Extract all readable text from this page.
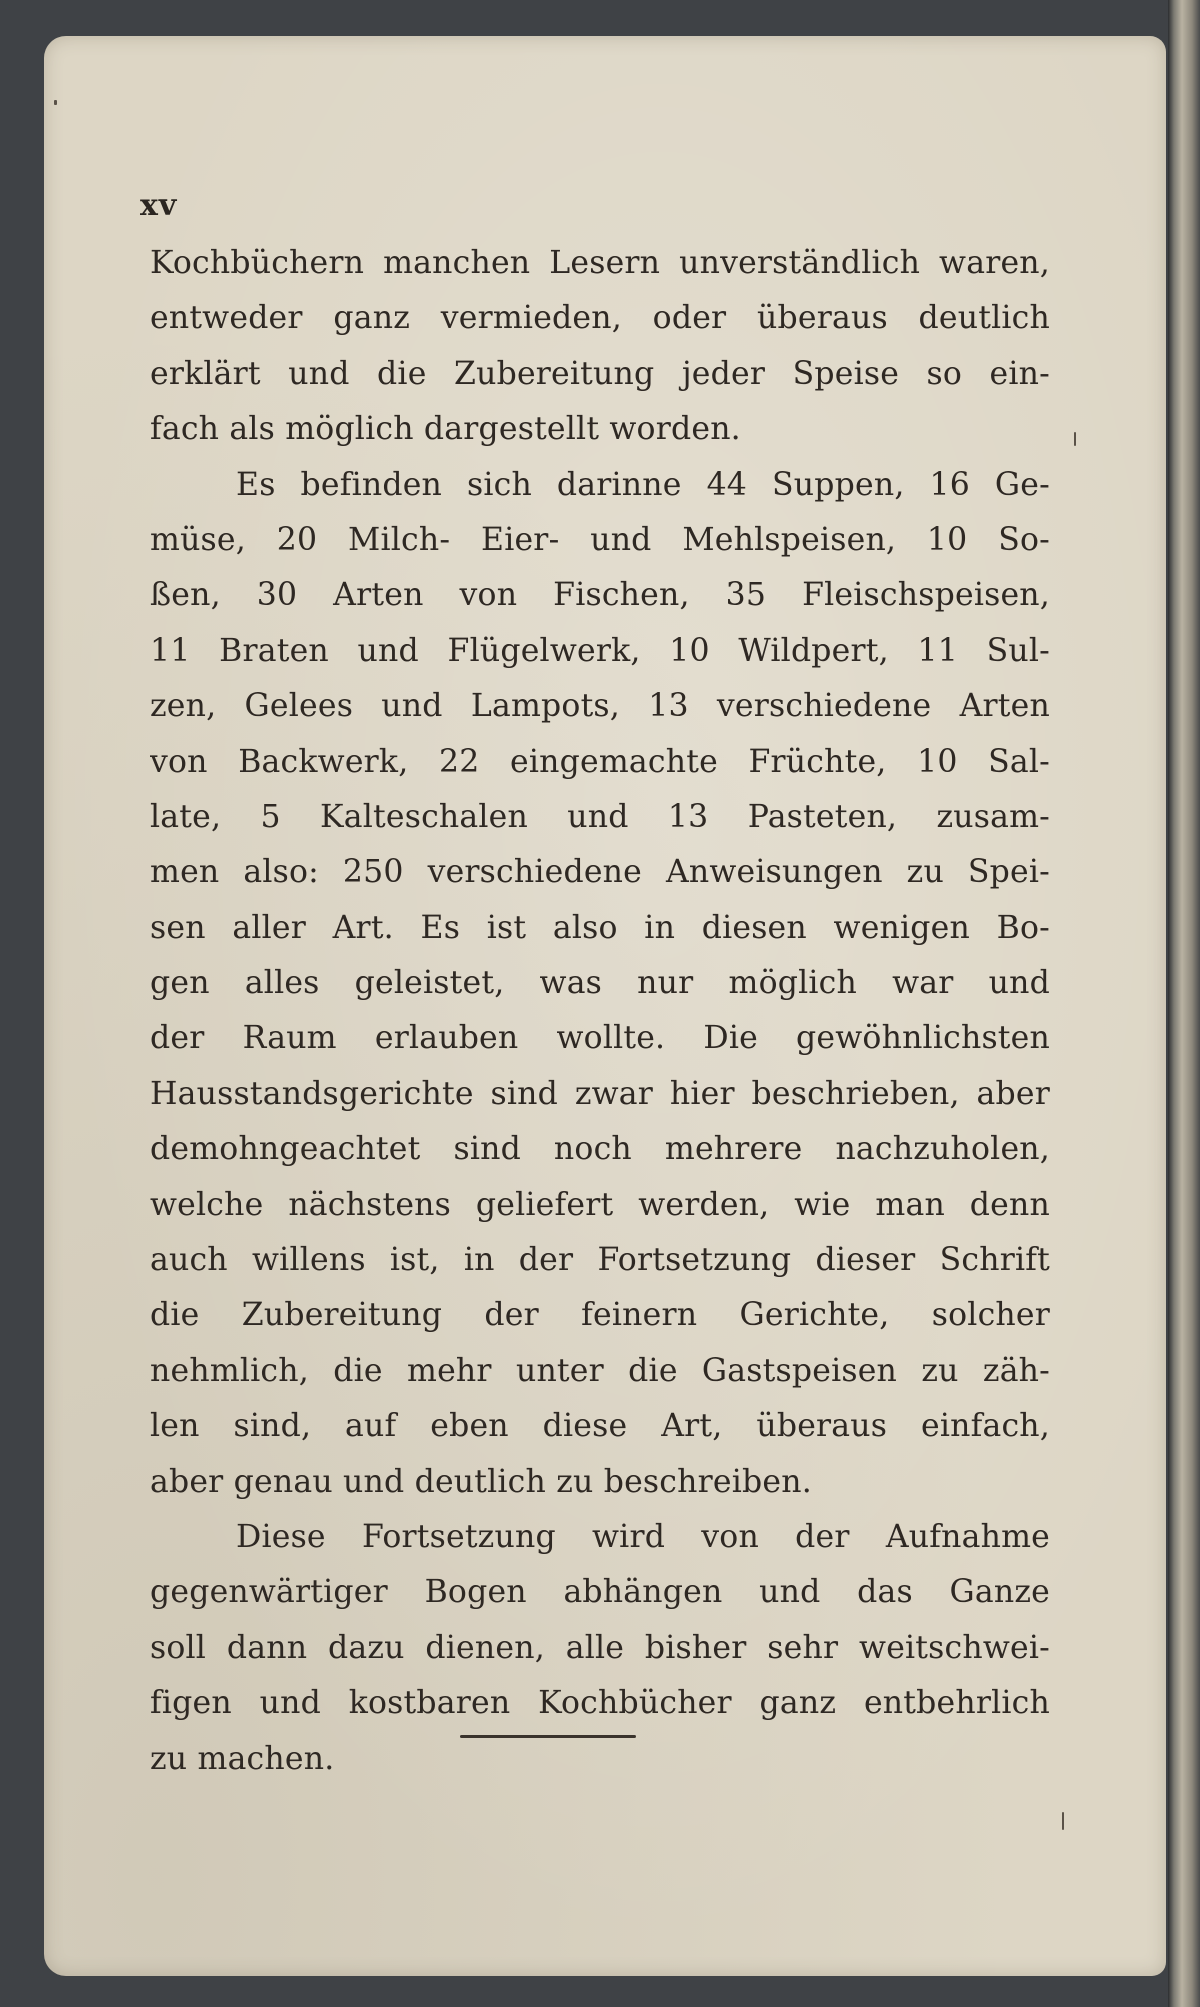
xv
Kochbüchern manchen Lesern unverständlich waren,
entweder ganz vermieden, oder überaus deutlich
erklärt und die Zubereitung jeder Speise so ein-
fach als möglich dargestellt worden.
Es befinden sich darinne 44 Suppen, 16 Ge-
müse, 20 Milch- Eier- und Mehlspeisen, 10 So-
ßen, 30 Arten von Fischen, 35 Fleischspeisen,
11 Braten und Flügelwerk, 10 Wildpert, 11 Sul-
zen, Gelees und Lampots, 13 verschiedene Arten
von Backwerk, 22 eingemachte Früchte, 10 Sal-
late, 5 Kalteschalen und 13 Pasteten, zusam-
men also: 250 verschiedene Anweisungen zu Spei-
sen aller Art. Es ist also in diesen wenigen Bo-
gen alles geleistet, was nur möglich war und
der Raum erlauben wollte. Die gewöhnlichsten
Hausstandsgerichte sind zwar hier beschrieben, aber
demohngeachtet sind noch mehrere nachzuholen,
welche nächstens geliefert werden, wie man denn
auch willens ist, in der Fortsetzung dieser Schrift
die Zubereitung der feinern Gerichte, solcher
nehmlich, die mehr unter die Gastspeisen zu zäh-
len sind, auf eben diese Art, überaus einfach,
aber genau und deutlich zu beschreiben.
Diese Fortsetzung wird von der Aufnahme
gegenwärtiger Bogen abhängen und das Ganze
soll dann dazu dienen, alle bisher sehr weitschwei-
figen und kostbaren Kochbücher ganz entbehrlich
zu machen.
